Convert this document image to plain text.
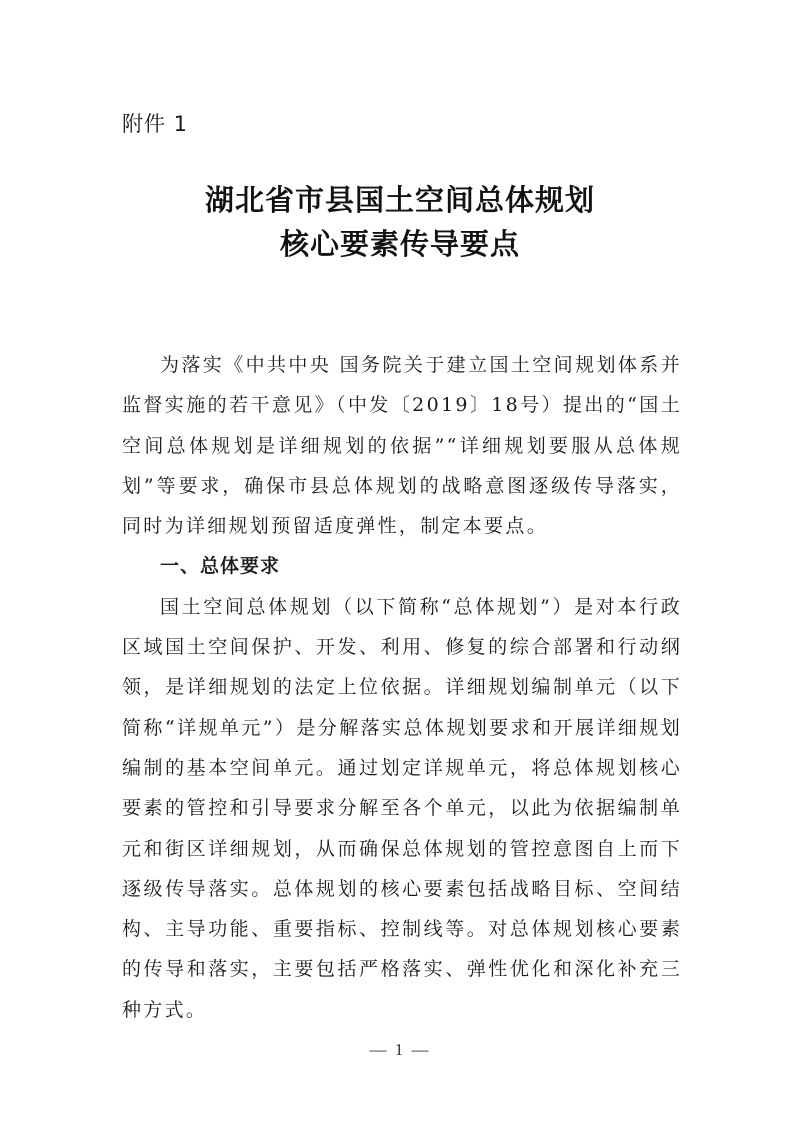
附件 1
湖北省市县国土空间总体规划
核心要素传导要点

为落实《中共中央 国务院关于建立国土空间规划体系并监督实施的若干意见》（中发〔2019〕18号）提出的“国土空间总体规划是详细规划的依据”“详细规划要服从总体规划”等要求，确保市县总体规划的战略意图逐级传导落实，同时为详细规划预留适度弹性，制定本要点。

一、总体要求

国土空间总体规划（以下简称“总体规划”）是对本行政区域国土空间保护、开发、利用、修复的综合部署和行动纲领，是详细规划的法定上位依据。详细规划编制单元（以下简称“详规单元”）是分解落实总体规划要求和开展详细规划编制的基本空间单元。通过划定详规单元，将总体规划核心要素的管控和引导要求分解至各个单元，以此为依据编制单元和街区详细规划，从而确保总体规划的管控意图自上而下逐级传导落实。总体规划的核心要素包括战略目标、空间结构、主导功能、重要指标、控制线等。对总体规划核心要素的传导和落实，主要包括严格落实、弹性优化和深化补充三种方式。

— 1 —
